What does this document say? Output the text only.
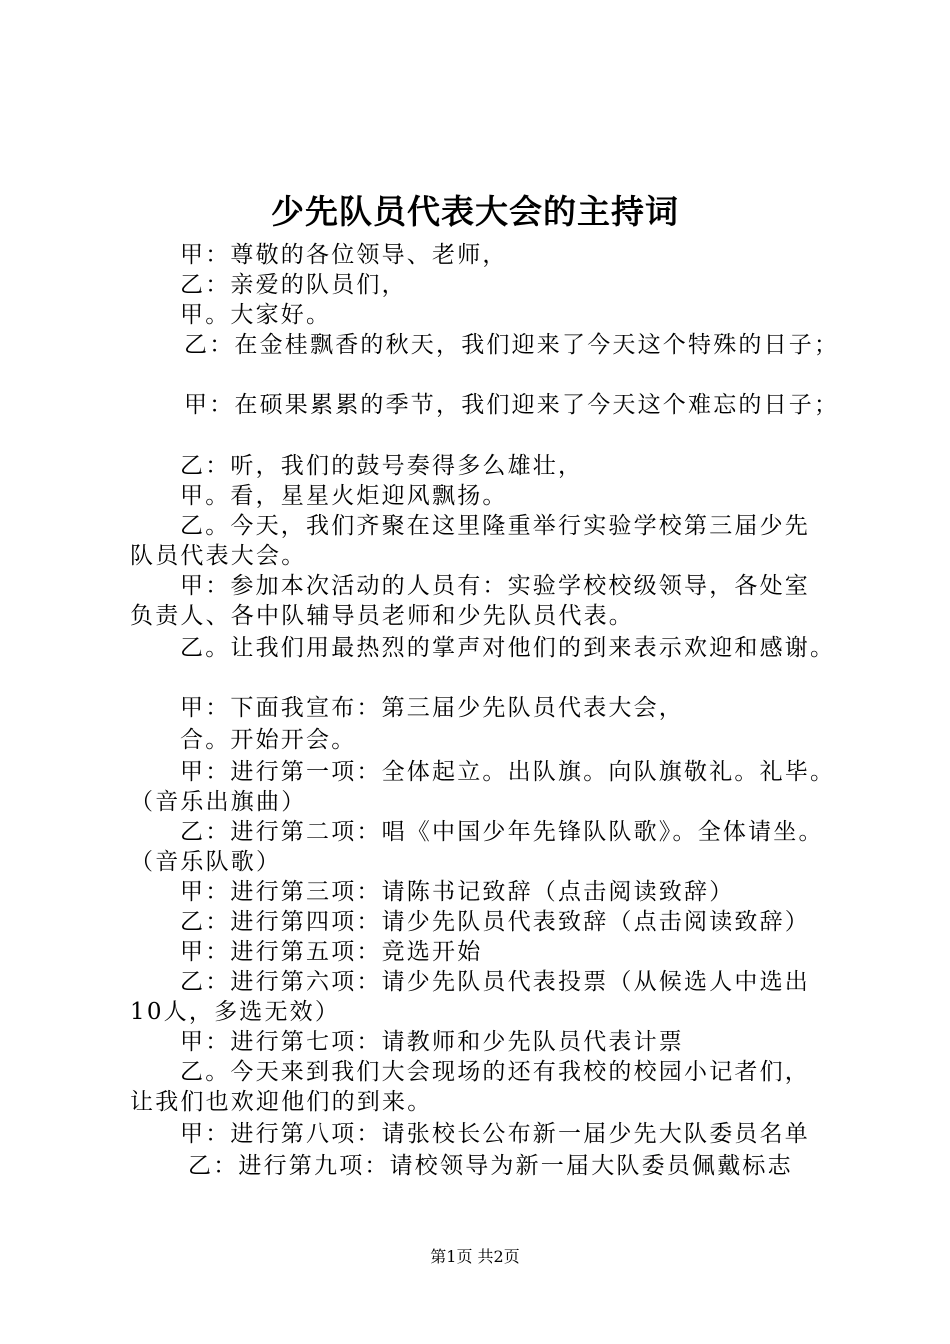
少先队员代表大会的主持词
甲：尊敬的各位领导、老师，
乙：亲爱的队员们，
甲。大家好。
乙：在金桂飘香的秋天，我们迎来了今天这个特殊的日子；
甲：在硕果累累的季节，我们迎来了今天这个难忘的日子；
乙：听，我们的鼓号奏得多么雄壮，
甲。看，星星火炬迎风飘扬。
乙。今天，我们齐聚在这里隆重举行实验学校第三届少先
队员代表大会。
甲：参加本次活动的人员有：实验学校校级领导，各处室
负责人、各中队辅导员老师和少先队员代表。
乙。让我们用最热烈的掌声对他们的到来表示欢迎和感谢。
甲：下面我宣布：第三届少先队员代表大会，
合。开始开会。
甲：进行第一项：全体起立。出队旗。向队旗敬礼。礼毕。
（音乐出旗曲）
乙：进行第二项：唱《中国少年先锋队队歌》。全体请坐。
（音乐队歌）
甲：进行第三项：请陈书记致辞（点击阅读致辞）
乙：进行第四项：请少先队员代表致辞（点击阅读致辞）
甲：进行第五项：竞选开始
乙：进行第六项：请少先队员代表投票（从候选人中选出
10人，多选无效）
甲：进行第七项：请教师和少先队员代表计票
乙。今天来到我们大会现场的还有我校的校园小记者们，
让我们也欢迎他们的到来。
甲：进行第八项：请张校长公布新一届少先大队委员名单
乙：进行第九项：请校领导为新一届大队委员佩戴标志
第1页 共2页
